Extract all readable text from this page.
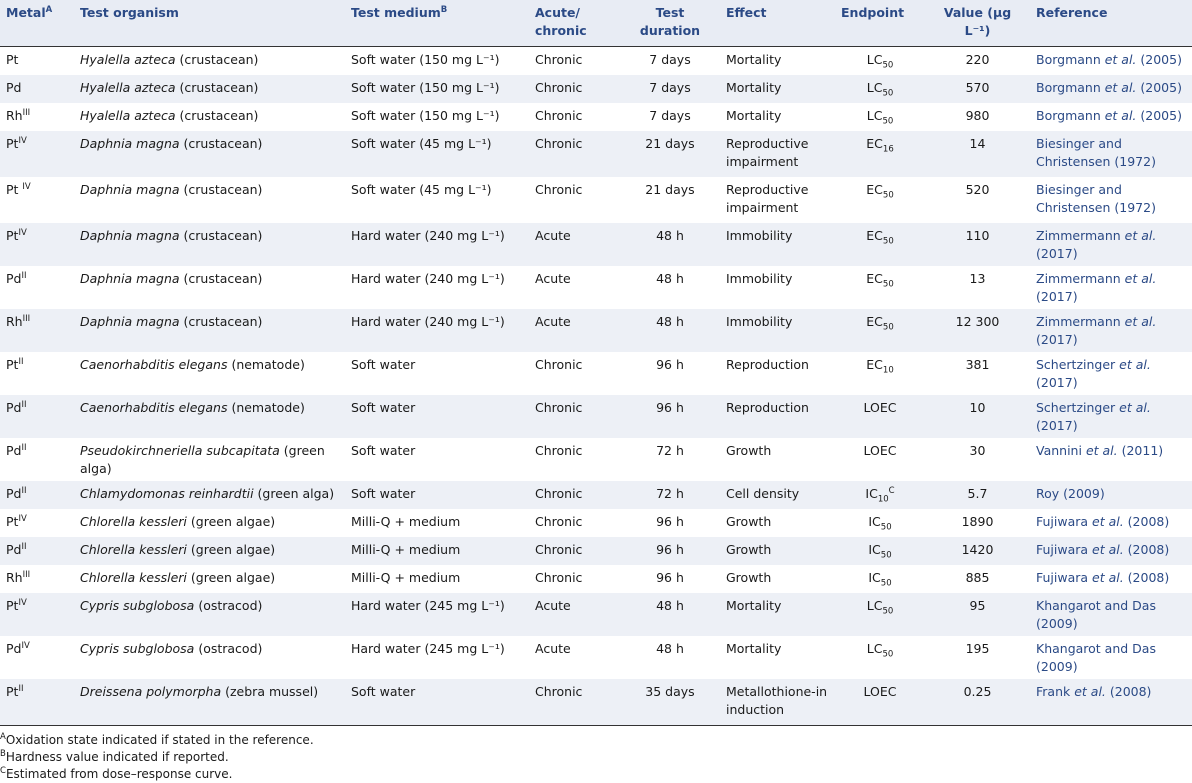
Metal$^A$	Test organism	Test medium$^B$	Acute/ chronic	Test duration	Effect	Endpoint	Value (μg L⁻¹)	Reference
Pt	Hyalella azteca (crustacean)	Soft water (150 mg L⁻¹)	Chronic	7 days	Mortality	$LC_{50}$	220	Borgmann et al. (2005)
Pd	Hyalella azteca (crustacean)	Soft water (150 mg L⁻¹)	Chronic	7 days	Mortality	$LC_{50}$	570	Borgmann et al. (2005)
$Rh^{III}$	Hyalella azteca (crustacean)	Soft water (150 mg L⁻¹)	Chronic	7 days	Mortality	$LC_{50}$	980	Borgmann et al. (2005)
$Pt^{IV}$	Daphnia magna (crustacean)	Soft water (45 mg L⁻¹)	Chronic	21 days	Reproductive impairment	$EC_{16}$	14	Biesinger and Christensen (1972)
Pt $^{IV}$	Daphnia magna (crustacean)	Soft water (45 mg L⁻¹)	Chronic	21 days	Reproductive impairment	$EC_{50}$	520	Biesinger and Christensen (1972)
$Pt^{IV}$	Daphnia magna (crustacean)	Hard water (240 mg L⁻¹)	Acute	48 h	Immobility	$EC_{50}$	110	Zimmermann et al. (2017)
$Pd^{II}$	Daphnia magna (crustacean)	Hard water (240 mg L⁻¹)	Acute	48 h	Immobility	$EC_{50}$	13	Zimmermann et al. (2017)
$Rh^{III}$	Daphnia magna (crustacean)	Hard water (240 mg L⁻¹)	Acute	48 h	Immobility	$EC_{50}$	12 300	Zimmermann et al. (2017)
$Pt^{II}$	Caenorhabditis elegans (nematode)	Soft water	Chronic	96 h	Reproduction	$EC_{10}$	381	Schertzinger et al. (2017)
$Pd^{II}$	Caenorhabditis elegans (nematode)	Soft water	Chronic	96 h	Reproduction	LOEC	10	Schertzinger et al. (2017)
$Pd^{II}$	Pseudokirchneriella subcapitata (green alga)	Soft water	Chronic	72 h	Growth	LOEC	30	Vannini et al. (2011)
$Pd^{II}$	Chlamydomonas reinhardtii (green alga)	Soft water	Chronic	72 h	Cell density	$IC_{10}^C$	5.7	Roy (2009)
$Pt^{IV}$	Chlorella kessleri (green algae)	Milli-Q + medium	Chronic	96 h	Growth	$IC_{50}$	1890	Fujiwara et al. (2008)
$Pd^{II}$	Chlorella kessleri (green algae)	Milli-Q + medium	Chronic	96 h	Growth	$IC_{50}$	1420	Fujiwara et al. (2008)
$Rh^{III}$	Chlorella kessleri (green algae)	Milli-Q + medium	Chronic	96 h	Growth	$IC_{50}$	885	Fujiwara et al. (2008)
$Pt^{IV}$	Cypris subglobosa (ostracod)	Hard water (245 mg L⁻¹)	Acute	48 h	Mortality	$LC_{50}$	95	Khangarot and Das (2009)
$Pd^{IV}$	Cypris subglobosa (ostracod)	Hard water (245 mg L⁻¹)	Acute	48 h	Mortality	$LC_{50}$	195	Khangarot and Das (2009)
$Pt^{II}$	Dreissena polymorpha (zebra mussel)	Soft water	Chronic	35 days	Metallothione-in induction	LOEC	0.25	Frank et al. (2008)
$^A$Oxidation state indicated if stated in the reference.
$^B$Hardness value indicated if reported.
$^C$Estimated from dose–response curve.
